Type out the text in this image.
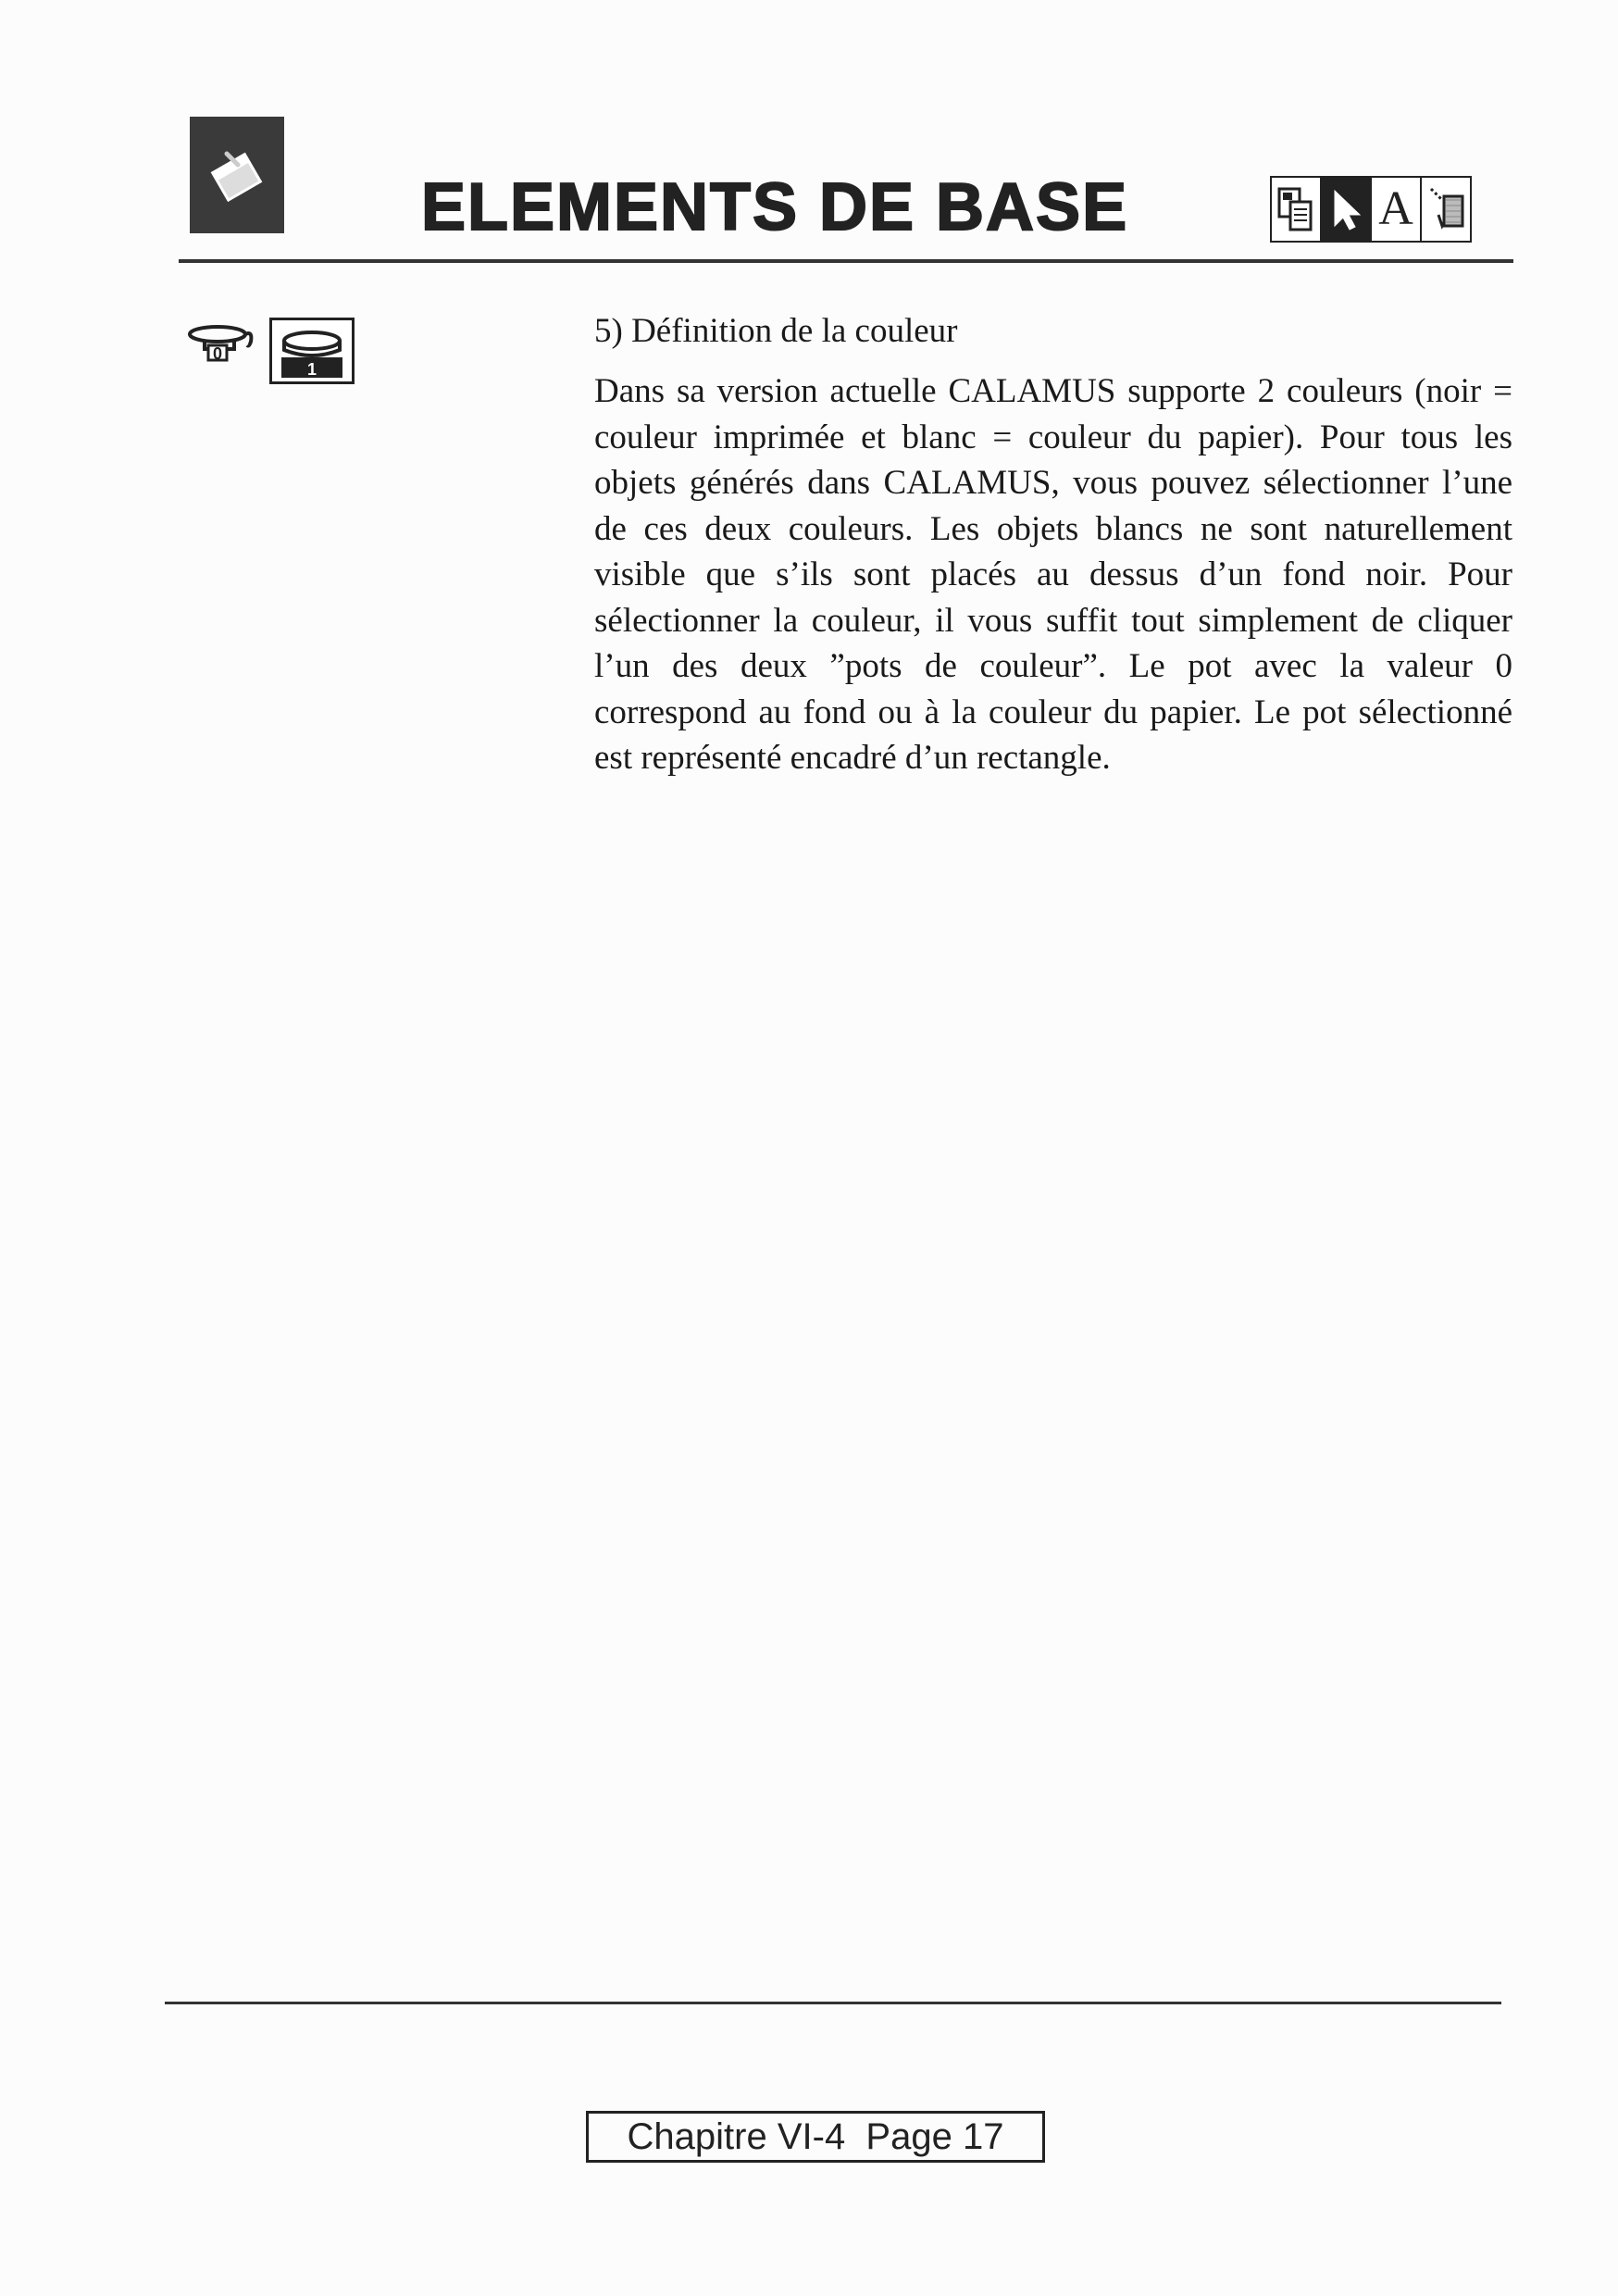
ELEMENTS DE BASE	A
0
1
5) Définition de la couleur

Dans sa version actuelle CALAMUS supporte 2 couleurs (noir = couleur imprimée et blanc = couleur du papier). Pour tous les objets générés dans CALAMUS, vous pouvez sélectionner l’une de ces deux couleurs. Les objets blancs ne sont naturellement visible que s’ils sont placés au dessus d’un fond noir. Pour sélectionner la couleur, il vous suffit tout simplement de cliquer l’un des deux ”pots de couleur”. Le pot avec la valeur 0 correspond au fond ou à la couleur du papier. Le pot sélectionné est représenté encadré d’un rectangle.

Chapitre VI-4  Page 17
